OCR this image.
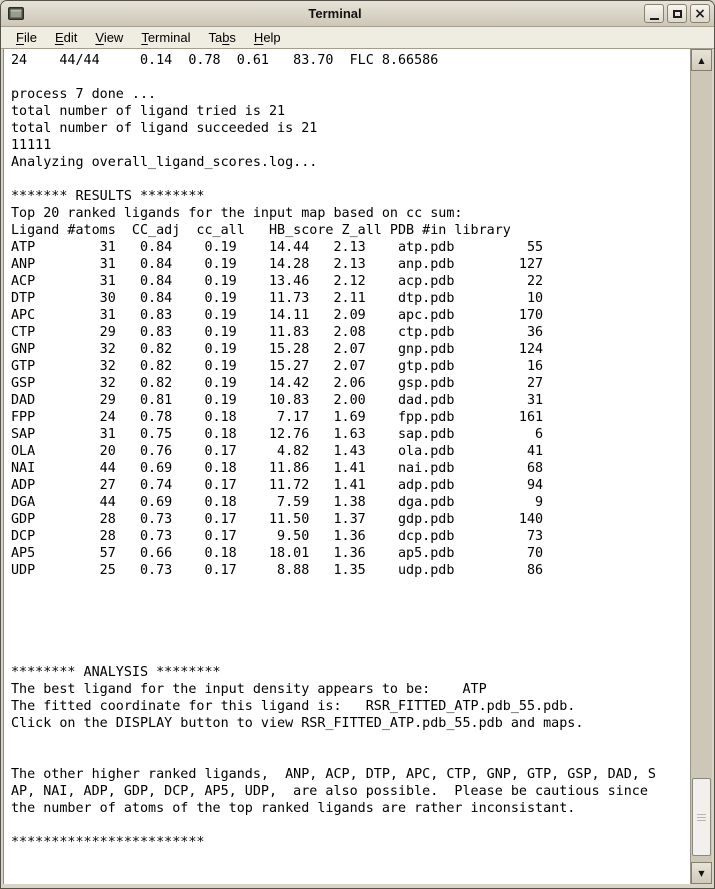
Terminal	×
File	Edit	View	Terminal	Tabs	Help
24    44/44     0.14  0.78  0.61   83.70  FLC 8.66586

process 7 done ...
total number of ligand tried is 21
total number of ligand succeeded is 21
11111
Analyzing overall_ligand_scores.log...

******* RESULTS ********
Top 20 ranked ligands for the input map based on cc sum:
Ligand #atoms  CC_adj  cc_all   HB_score Z_all PDB #in library
ATP        31   0.84    0.19    14.44   2.13    atp.pdb         55
ANP        31   0.84    0.19    14.28   2.13    anp.pdb        127
ACP        31   0.84    0.19    13.46   2.12    acp.pdb         22
DTP        30   0.84    0.19    11.73   2.11    dtp.pdb         10
APC        31   0.83    0.19    14.11   2.09    apc.pdb        170
CTP        29   0.83    0.19    11.83   2.08    ctp.pdb         36
GNP        32   0.82    0.19    15.28   2.07    gnp.pdb        124
GTP        32   0.82    0.19    15.27   2.07    gtp.pdb         16
GSP        32   0.82    0.19    14.42   2.06    gsp.pdb         27
DAD        29   0.81    0.19    10.83   2.00    dad.pdb         31
FPP        24   0.78    0.18     7.17   1.69    fpp.pdb        161
SAP        31   0.75    0.18    12.76   1.63    sap.pdb          6
OLA        20   0.76    0.17     4.82   1.43    ola.pdb         41
NAI        44   0.69    0.18    11.86   1.41    nai.pdb         68
ADP        27   0.74    0.17    11.72   1.41    adp.pdb         94
DGA        44   0.69    0.18     7.59   1.38    dga.pdb          9
GDP        28   0.73    0.17    11.50   1.37    gdp.pdb        140
DCP        28   0.73    0.17     9.50   1.36    dcp.pdb         73
AP5        57   0.66    0.18    18.01   1.36    ap5.pdb         70
UDP        25   0.73    0.17     8.88   1.35    udp.pdb         86

******** ANALYSIS ********
The best ligand for the input density appears to be:    ATP
The fitted coordinate for this ligand is:   RSR_FITTED_ATP.pdb_55.pdb.
Click on the DISPLAY button to view RSR_FITTED_ATP.pdb_55.pdb and maps.

The other higher ranked ligands,  ANP, ACP, DTP, APC, CTP, GNP, GTP, GSP, DAD, S
AP, NAI, ADP, GDP, DCP, AP5, UDP,  are also possible.  Please be cautious since
the number of atoms of the top ranked ligands are rather inconsistant.

************************
▲
▼
